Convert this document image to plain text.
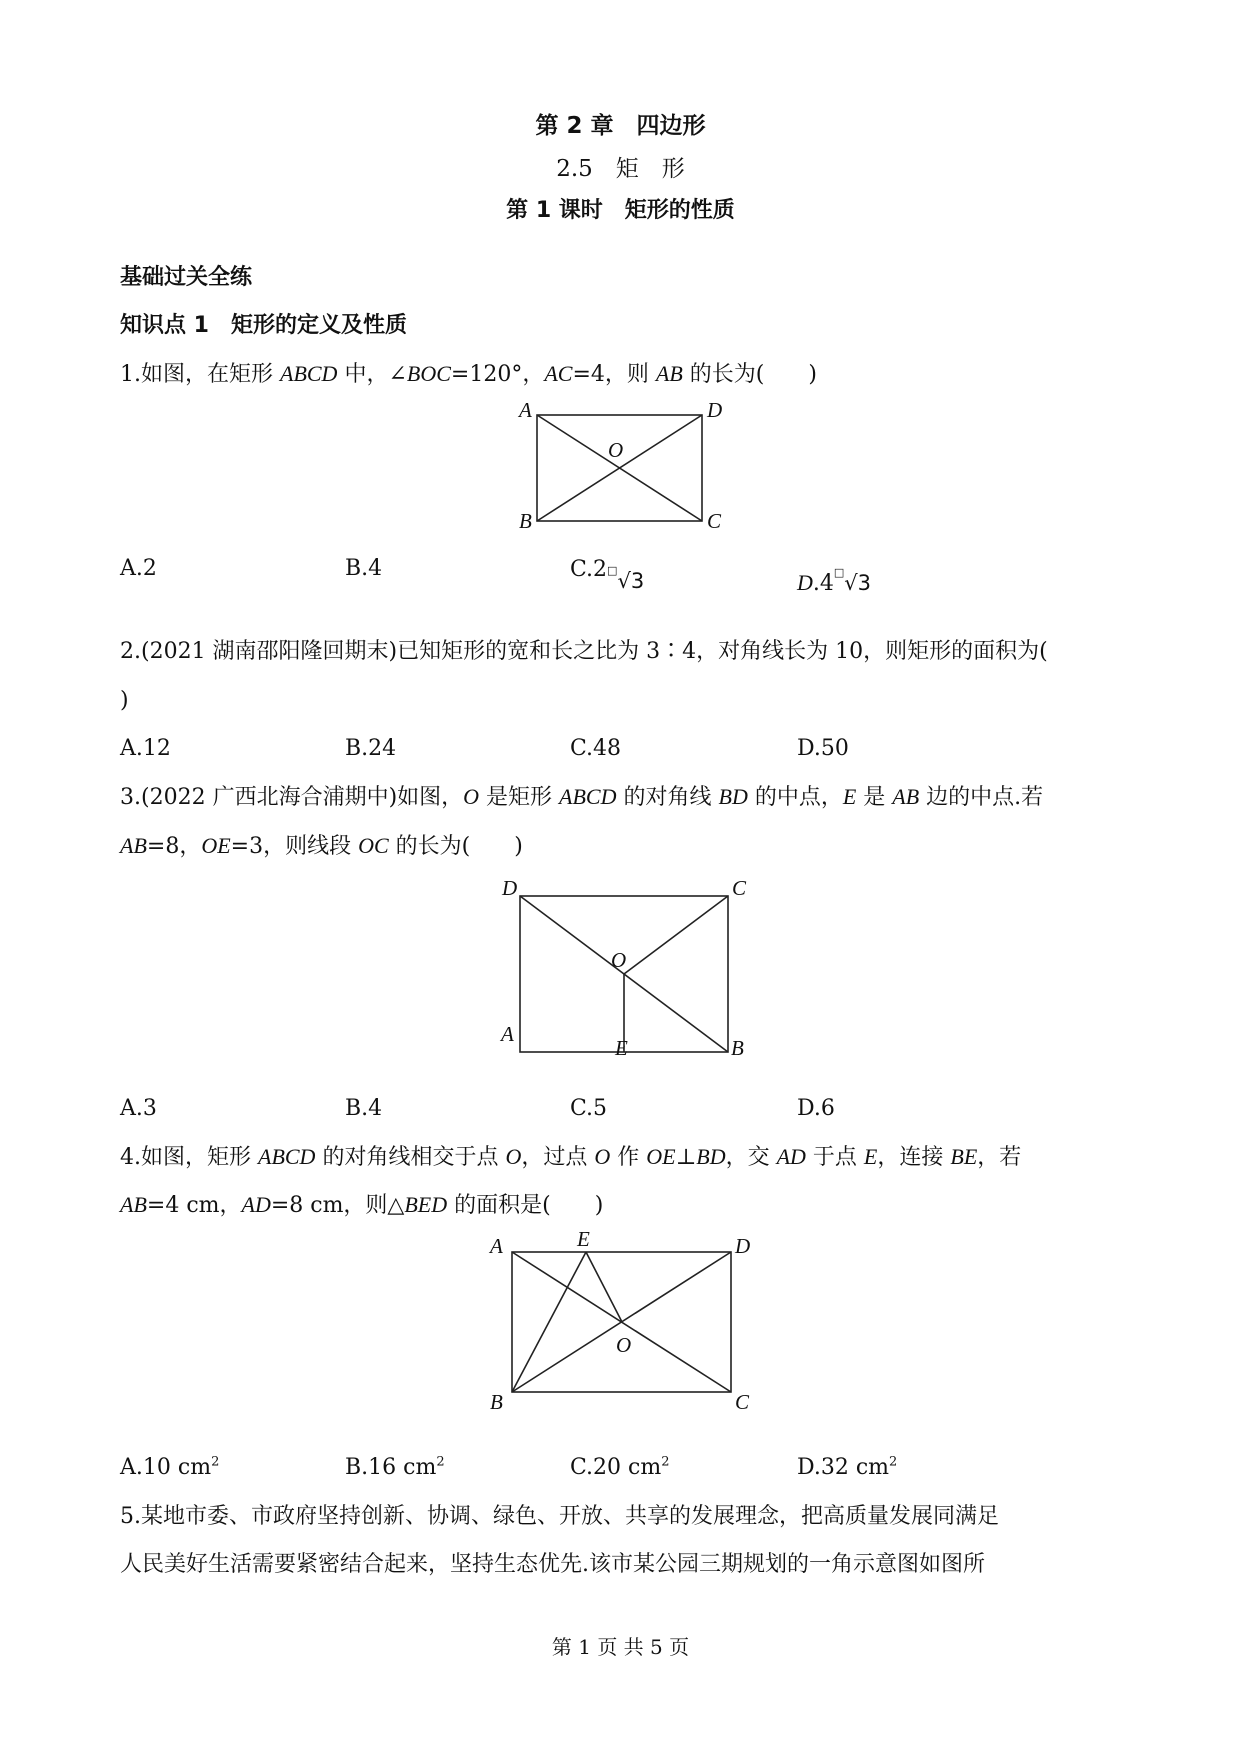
第 2 章　四边形
2.5　矩　形
第 1 课时　矩形的性质
基础过关全练
知识点 1　矩形的定义及性质
1.如图，在矩形 ABCD 中，∠BOC=120°，AC=4，则 AB 的长为(　　)
A	D
O
B	C
A.2	B.4	C.2□√3	D.4□√3
2.(2021 湖南邵阳隆回期末)已知矩形的宽和长之比为 3∶4，对角线长为 10，则矩形的面积为(
)
A.12	B.24	C.48	D.50
3.(2022 广西北海合浦期中)如图，O 是矩形 ABCD 的对角线 BD 的中点，E 是 AB 边的中点.若
AB=8，OE=3，则线段 OC 的长为(　　)
D	C
O
A
E	B
A.3	B.4	C.5	D.6
4.如图，矩形 ABCD 的对角线相交于点 O，过点 O 作 OE⊥BD，交 AD 于点 E，连接 BE，若
AB=4 cm，AD=8 cm，则△BED 的面积是(　　)
A	E	D
O
B	C
A.10 $cm^2$	B.16 $cm^2$	C.20 $cm^2$	D.32 $cm^2$
5.某地市委、市政府坚持创新、协调、绿色、开放、共享的发展理念，把高质量发展同满足
人民美好生活需要紧密结合起来，坚持生态优先.该市某公园三期规划的一角示意图如图所
第 1 页 共 5 页
